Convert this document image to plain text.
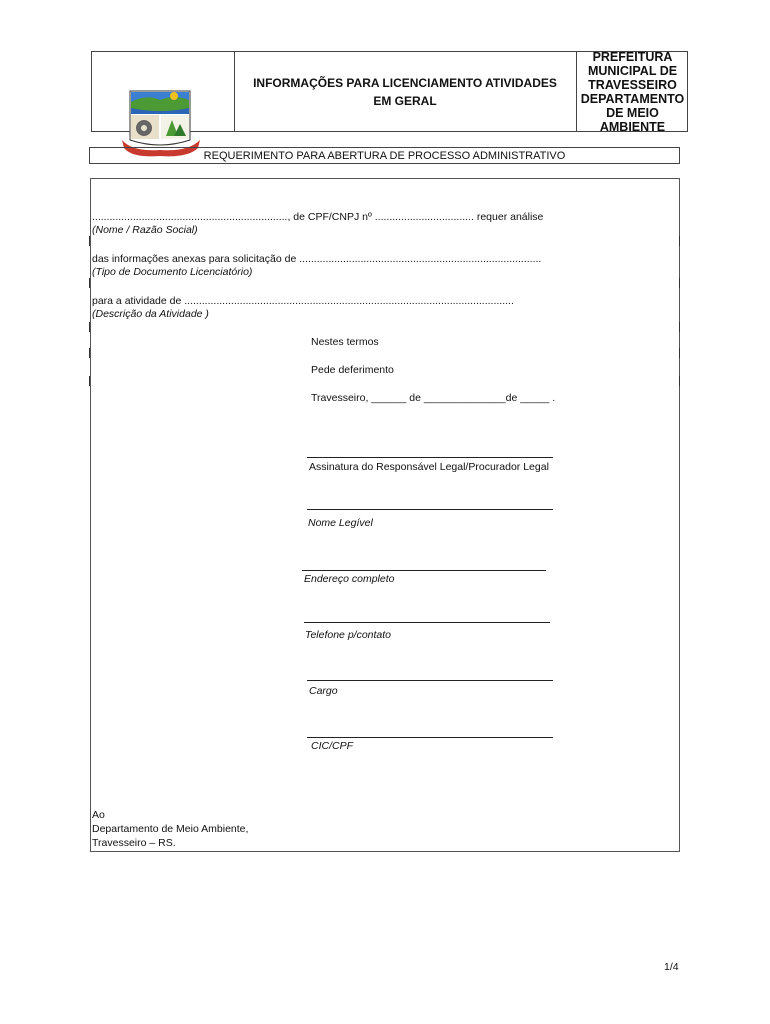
INFORMAÇÕES PARA LICENCIAMENTO ATIVIDADES
EM GERAL
PREFEITURA
MUNICIPAL DE
TRAVESSEIRO
DEPARTAMENTO
DE MEIO AMBIENTE
REQUERIMENTO PARA ABERTURA DE PROCESSO ADMINISTRATIVO
..................................................................., de CPF/CNPJ nº .................................. requer análise
(Nome / Razão Social)
das informações anexas para solicitação de ...................................................................................
(Tipo de Documento Licenciatório)
para a atividade de .................................................................................................................
(Descrição da Atividade )
Nestes termos
Pede deferimento
Travesseiro, ______ de ______________de _____ .
Assinatura do Responsável Legal/Procurador Legal
Nome Legível
Endereço completo
Telefone p/contato
Cargo
CIC/CPF
Ao
Departamento de Meio Ambiente,
Travesseiro – RS.
1/4
